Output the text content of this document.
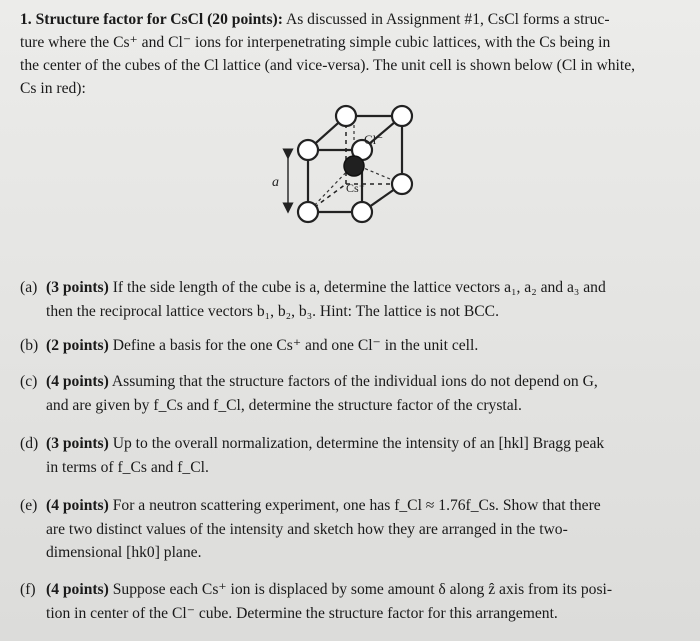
1. Structure factor for CsCl (20 points): As discussed in Assignment #1, CsCl forms a struc-

ture where the Cs⁺ and Cl⁻ ions for interpenetrating simple cubic lattices, with the Cs being in

the center of the cubes of the Cl lattice (and vice-versa). The unit cell is shown below (Cl in white,

Cs in red):

a
Cl⁻
Cs⁺
(a) (3 points) If the side length of the cube is a, determine the lattice vectors a₁, a₂ and a₃ and

then the reciprocal lattice vectors b₁, b₂, b₃. Hint: The lattice is not BCC.

(b) (2 points) Define a basis for the one Cs⁺ and one Cl⁻ in the unit cell.

(c) (4 points) Assuming that the structure factors of the individual ions do not depend on G,

and are given by f_Cs and f_Cl, determine the structure factor of the crystal.

(d) (3 points) Up to the overall normalization, determine the intensity of an [hkl] Bragg peak

in terms of f_Cs and f_Cl.

(e) (4 points) For a neutron scattering experiment, one has f_Cl ≈ 1.76f_Cs. Show that there

are two distinct values of the intensity and sketch how they are arranged in the two-

dimensional [hk0] plane.

(f) (4 points) Suppose each Cs⁺ ion is displaced by some amount δ along ẑ axis from its posi-

tion in center of the Cl⁻ cube. Determine the structure factor for this arrangement.
